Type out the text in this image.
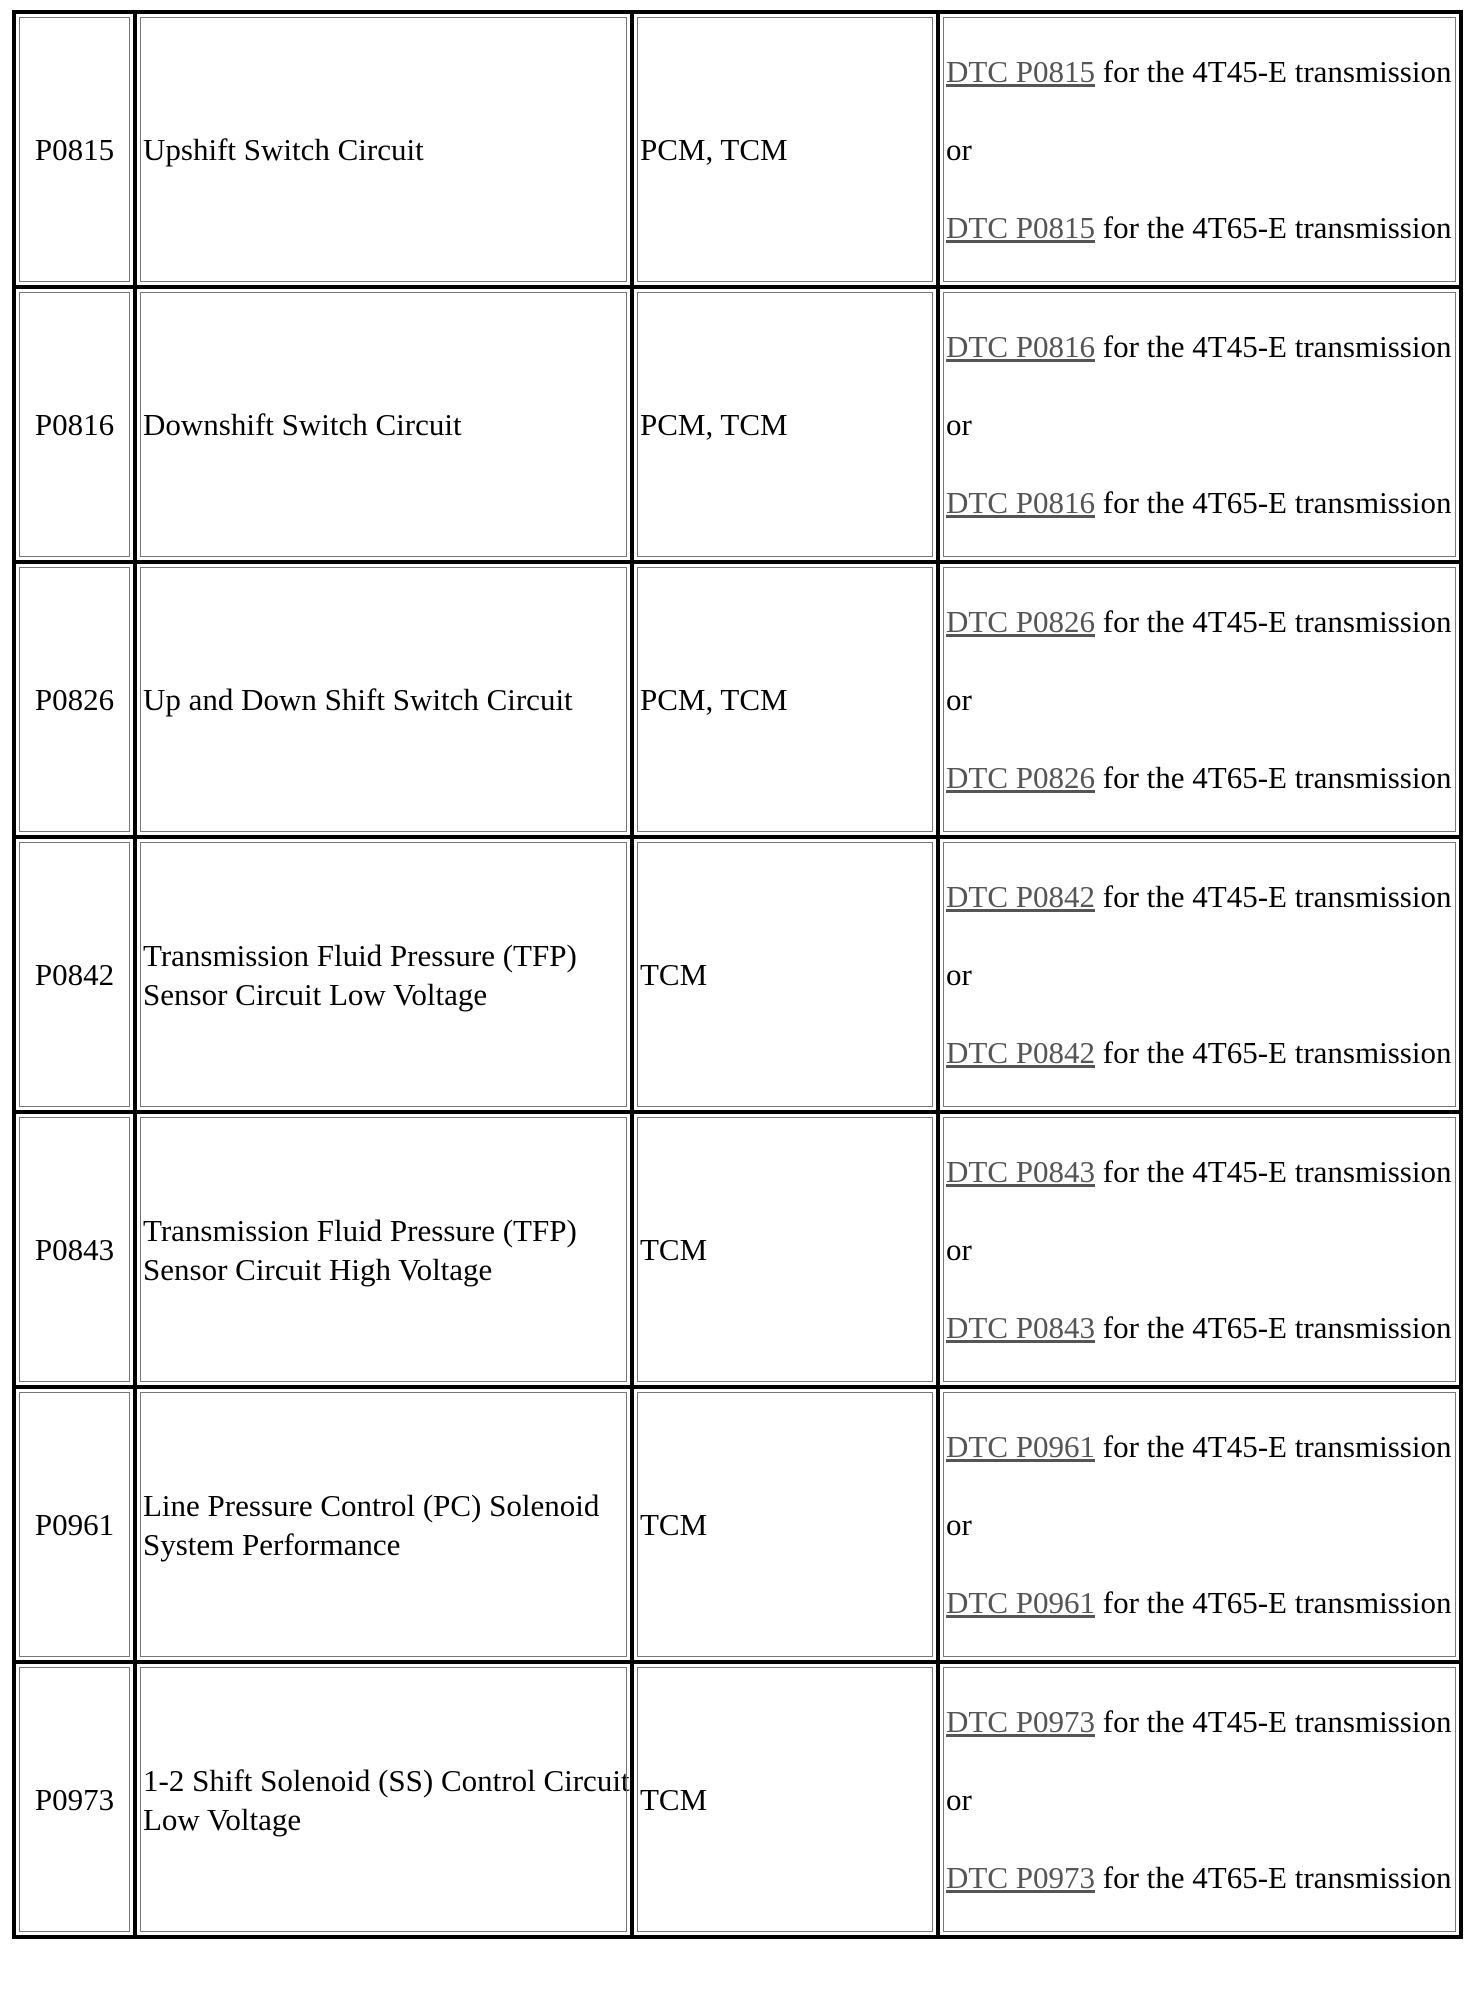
P0815	Upshift Switch Circuit	PCM, TCM	DTC P0815 for the 4T45-E transmission
or
DTC P0815 for the 4T65-E transmission

P0816	Downshift Switch Circuit	PCM, TCM	DTC P0816 for the 4T45-E transmission
or
DTC P0816 for the 4T65-E transmission

P0826	Up and Down Shift Switch Circuit	PCM, TCM	DTC P0826 for the 4T45-E transmission
or
DTC P0826 for the 4T65-E transmission

P0842	Transmission Fluid Pressure (TFP) Sensor Circuit Low Voltage	TCM	DTC P0842 for the 4T45-E transmission
or
DTC P0842 for the 4T65-E transmission

P0843	Transmission Fluid Pressure (TFP) Sensor Circuit High Voltage	TCM	DTC P0843 for the 4T45-E transmission
or
DTC P0843 for the 4T65-E transmission

P0961	Line Pressure Control (PC) Solenoid System Performance	TCM	DTC P0961 for the 4T45-E transmission
or
DTC P0961 for the 4T65-E transmission

P0973	1-2 Shift Solenoid (SS) Control Circuit Low Voltage	TCM	DTC P0973 for the 4T45-E transmission
or
DTC P0973 for the 4T65-E transmission
